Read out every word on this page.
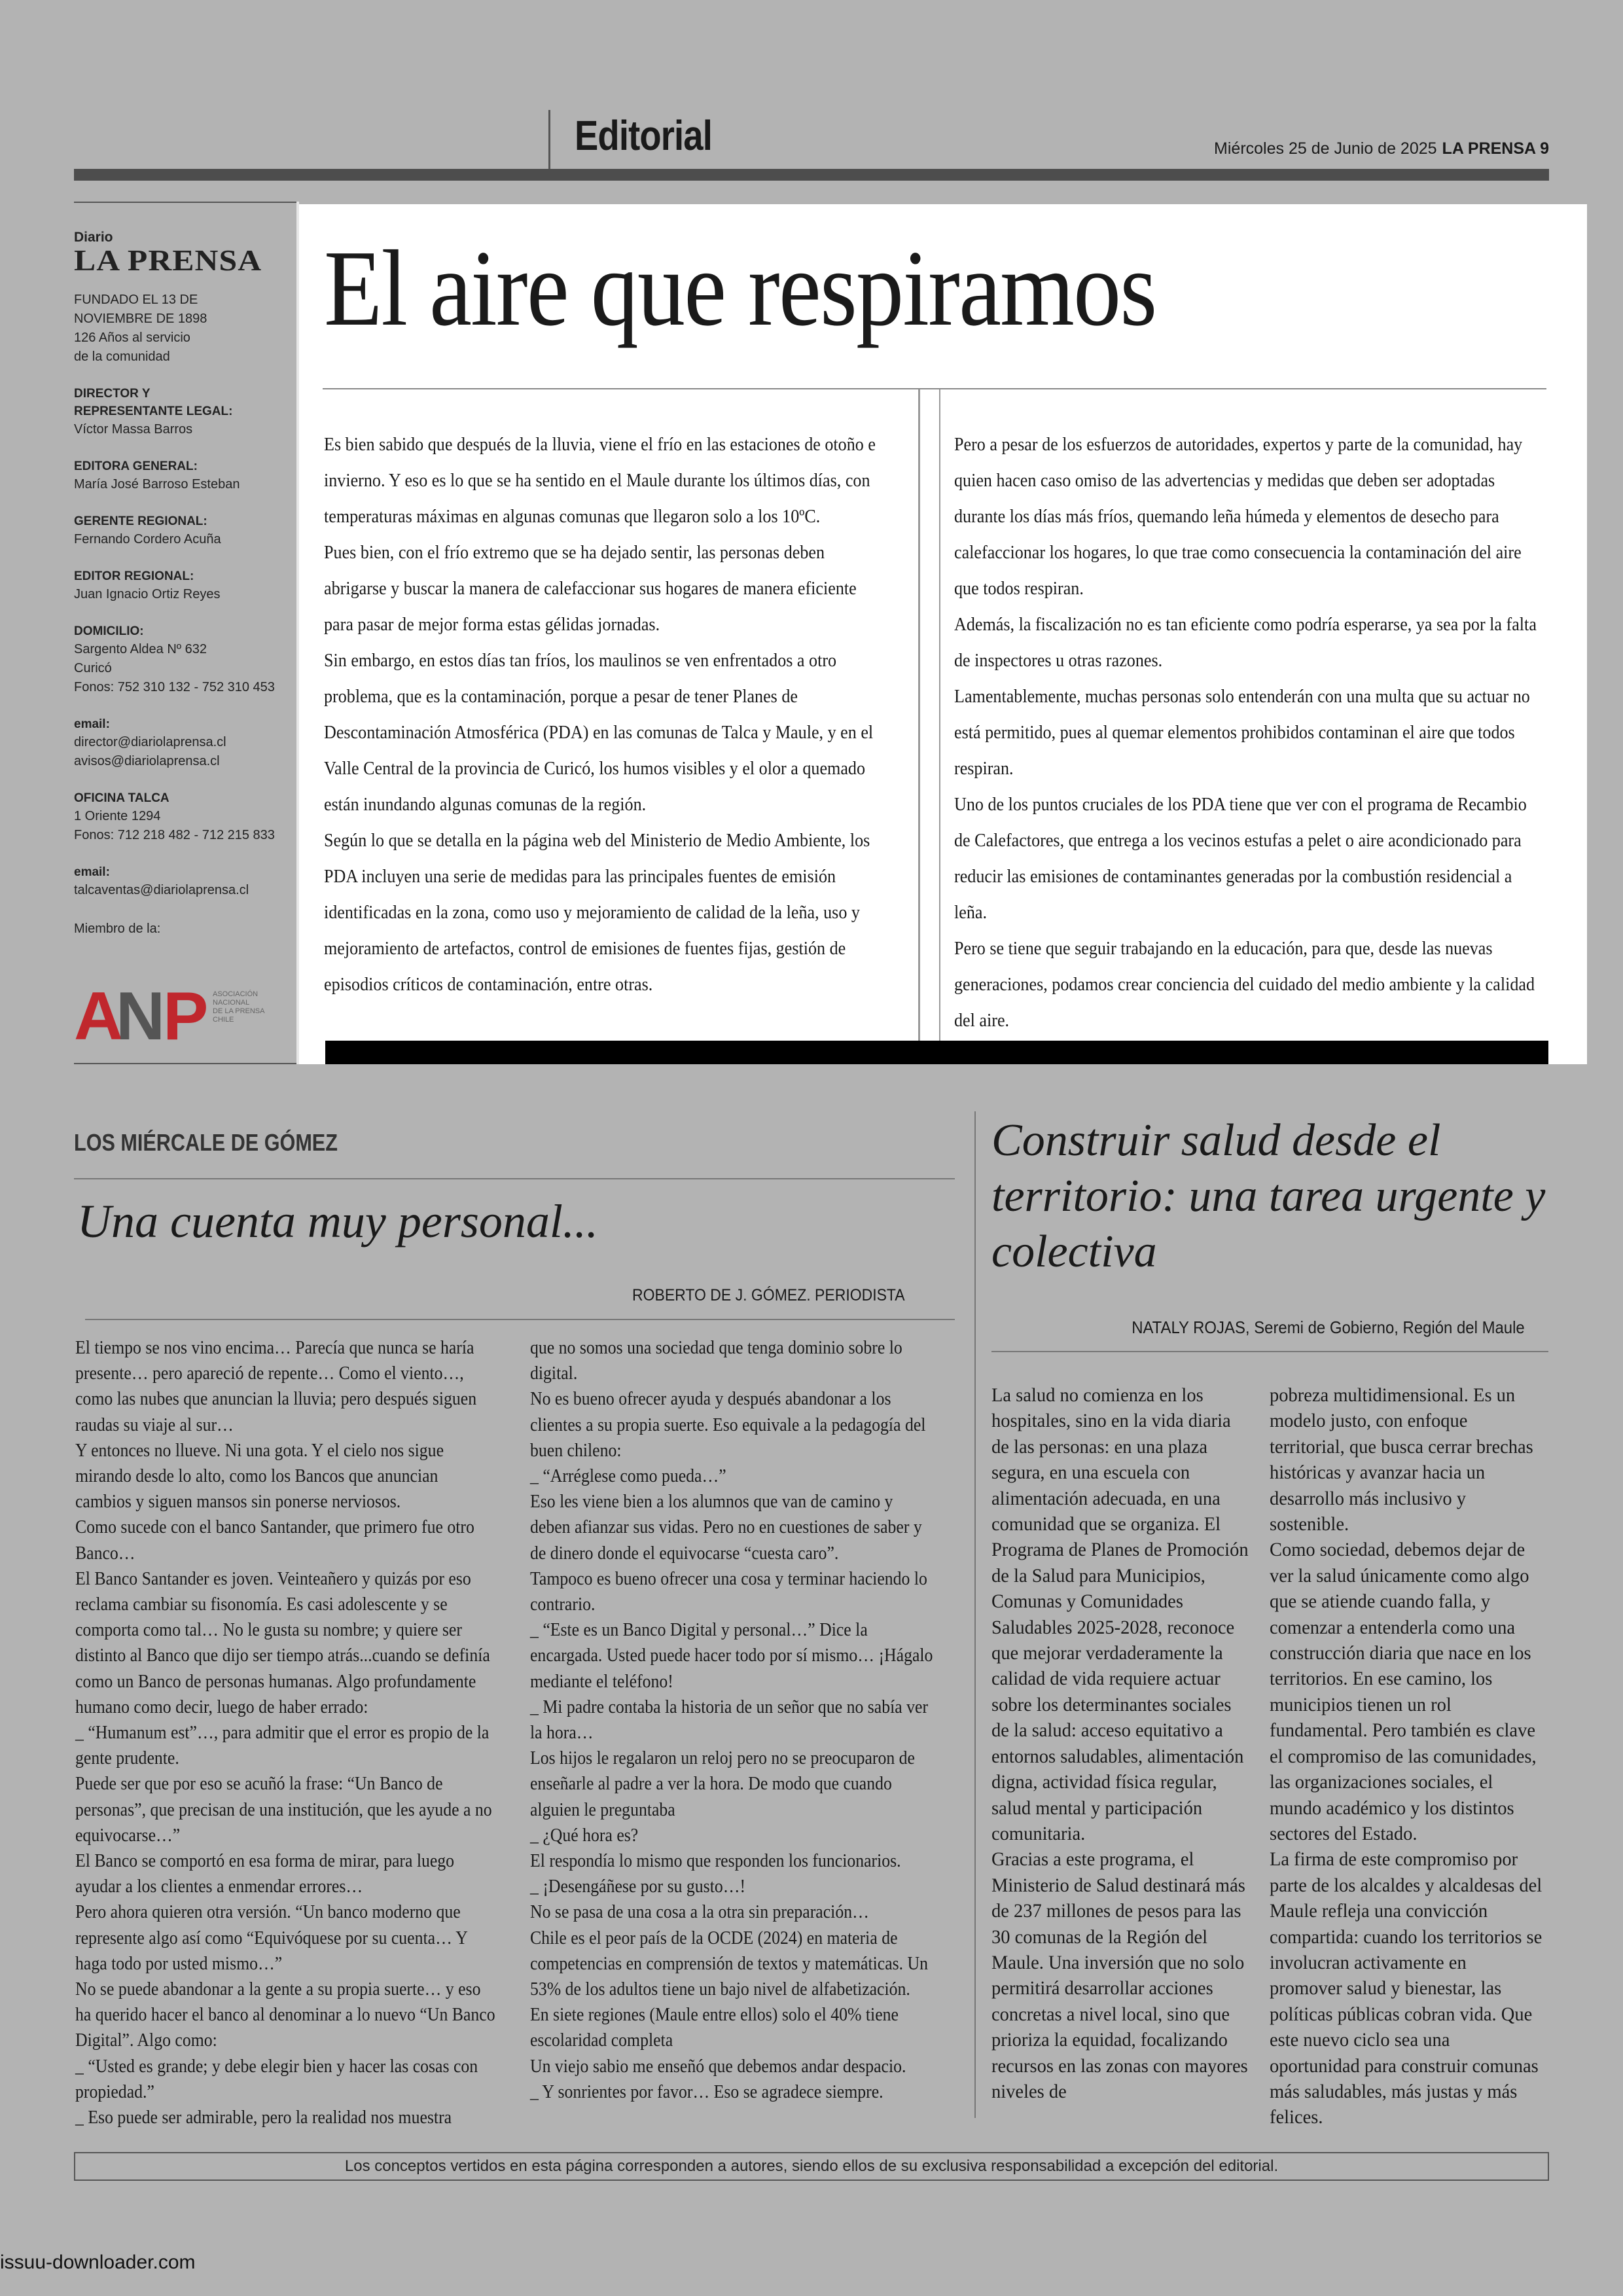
Editorial	Miércoles 25 de Junio de 2025 LA PRENSA 9
Diario
LA PRENSA
FUNDADO EL 13 DE
NOVIEMBRE DE 1898
126 Años al servicio
de la comunidad
DIRECTOR Y
REPRESENTANTE LEGAL:
Víctor Massa Barros
EDITORA GENERAL:
María José Barroso Esteban
GERENTE REGIONAL:
Fernando Cordero Acuña
EDITOR REGIONAL:
Juan Ignacio Ortiz Reyes
DOMICILIO:
Sargento Aldea Nº 632
Curicó
Fonos: 752 310 132 - 752 310 453
email:
director@diariolaprensa.cl
avisos@diariolaprensa.cl
OFICINA TALCA
1 Oriente 1294
Fonos: 712 218 482 - 712 215 833
email:
talcaventas@diariolaprensa.cl
Miembro de la:
A
N
P ASOCIACIÓN
NACIONAL
DE LA PRENSA
CHILE
El aire que respiramos

Es bien sabido que después de la lluvia, viene el frío en las estaciones de otoño e invierno. Y eso es lo que se ha sentido en el Maule durante los últimos días, con temperaturas máximas en algunas comunas que llegaron solo a los 10ºC.

Pues bien, con el frío extremo que se ha dejado sentir, las personas deben abrigarse y buscar la manera de calefaccionar sus hogares de manera eficiente para pasar de mejor forma estas gélidas jornadas.

Sin embargo, en estos días tan fríos, los maulinos se ven enfrentados a otro problema, que es la contaminación, porque a pesar de tener Planes de Descontaminación Atmosférica (PDA) en las comunas de Talca y Maule, y en el Valle Central de la provincia de Curicó, los humos visibles y el olor a quemado están inundando algunas comunas de la región.

Según lo que se detalla en la página web del Ministerio de Medio Ambiente, los PDA incluyen una serie de medidas para las principales fuentes de emisión identificadas en la zona, como uso y mejoramiento de calidad de la leña, uso y mejoramiento de artefactos, control de emisiones de fuentes fijas, gestión de episodios críticos de contaminación, entre otras.

Pero a pesar de los esfuerzos de autoridades, expertos y parte de la comunidad, hay quien hacen caso omiso de las advertencias y medidas que deben ser adoptadas durante los días más fríos, quemando leña húmeda y elementos de desecho para calefaccionar los hogares, lo que trae como consecuencia la contaminación del aire que todos respiran.

Además, la fiscalización no es tan eficiente como podría esperarse, ya sea por la falta de inspectores u otras razones.

Lamentablemente, muchas personas solo entenderán con una multa que su actuar no está permitido, pues al quemar elementos prohibidos contaminan el aire que todos respiran.

Uno de los puntos cruciales de los PDA tiene que ver con el programa de Recambio de Calefactores, que entrega a los vecinos estufas a pelet o aire acondicionado para reducir las emisiones de contaminantes generadas por la combustión residencial a leña.

Pero se tiene que seguir trabajando en la educación, para que, desde las nuevas generaciones, podamos crear conciencia del cuidado del medio ambiente y la calidad del aire.

LOS MIÉRCALE DE GÓMEZ
Una cuenta muy personal...
ROBERTO DE J. GÓMEZ. PERIODISTA

El tiempo se nos vino encima… Parecía que nunca se haría presente… pero apareció de repente… Como el viento…, como las nubes que anuncian la lluvia; pero después siguen raudas su viaje al sur…

Y entonces no llueve. Ni una gota. Y el cielo nos sigue mirando desde lo alto, como los Bancos que anuncian cambios y siguen mansos sin ponerse nerviosos.

Como sucede con el banco Santander, que primero fue otro Banco…

El Banco Santander es joven. Veinteañero y quizás por eso reclama cambiar su fisonomía. Es casi adolescente y se comporta como tal… No le gusta su nombre; y quiere ser distinto al Banco que dijo ser tiempo atrás...cuando se definía como un Banco de personas humanas. Algo profundamente humano como decir, luego de haber errado:

_ “Humanum est”…, para admitir que el error es propio de la gente prudente.

Puede ser que por eso se acuñó la frase: “Un Banco de personas”, que precisan de una institución, que les ayude a no equivocarse…”

El Banco se comportó en esa forma de mirar, para luego ayudar a los clientes a enmendar errores…

Pero ahora quieren otra versión. “Un banco moderno que represente algo así como “Equivóquese por su cuenta… Y haga todo por usted mismo…”

No se puede abandonar a la gente a su propia suerte… y eso ha querido hacer el banco al denominar a lo nuevo “Un Banco Digital”. Algo como:

_ “Usted es grande; y debe elegir bien y hacer las cosas con propiedad.”

_ Eso puede ser admirable, pero la realidad nos muestra

que no somos una sociedad que tenga dominio sobre lo digital.

No es bueno ofrecer ayuda y después abandonar a los clientes a su propia suerte. Eso equivale a la pedagogía del buen chileno:

_ “Arréglese como pueda…”

Eso les viene bien a los alumnos que van de camino y deben afianzar sus vidas. Pero no en cuestiones de saber y de dinero donde el equivocarse “cuesta caro”.

Tampoco es bueno ofrecer una cosa y terminar haciendo lo contrario.

_ “Este es un Banco Digital y personal…” Dice la encargada. Usted puede hacer todo por sí mismo… ¡Hágalo mediante el teléfono!

_ Mi padre contaba la historia de un señor que no sabía ver la hora…

Los hijos le regalaron un reloj pero no se preocuparon de enseñarle al padre a ver la hora. De modo que cuando alguien le preguntaba

_ ¿Qué hora es?

El respondía lo mismo que responden los funcionarios.

_ ¡Desengáñese por su gusto…!

No se pasa de una cosa a la otra sin preparación…

Chile es el peor país de la OCDE (2024) en materia de competencias en comprensión de textos y matemáticas. Un 53% de los adultos tiene un bajo nivel de alfabetización.

En siete regiones (Maule entre ellos) solo el 40% tiene escolaridad completa

Un viejo sabio me enseñó que debemos andar despacio.

_ Y sonrientes por favor… Eso se agradece siempre.

Construir salud desde el territorio: una tarea urgente y colectiva
NATALY ROJAS, Seremi de Gobierno, Región del Maule

La salud no comienza en los hospitales, sino en la vida diaria de las personas: en una plaza segura, en una escuela con alimentación adecuada, en una comunidad que se organiza. El Programa de Planes de Promoción de la Salud para Municipios, Comunas y Comunidades Saludables 2025-2028, reconoce que mejorar verdaderamente la calidad de vida requiere actuar sobre los determinantes sociales de la salud: acceso equitativo a entornos saludables, alimentación digna, actividad física regular, salud mental y participación comunitaria.

Gracias a este programa, el Ministerio de Salud destinará más de 237 millones de pesos para las 30 comunas de la Región del Maule. Una inversión que no solo permitirá desarrollar acciones concretas a nivel local, sino que prioriza la equidad, focalizando recursos en las zonas con mayores niveles de

pobreza multidimensional. Es un modelo justo, con enfoque territorial, que busca cerrar brechas históricas y avanzar hacia un desarrollo más inclusivo y sostenible.

Como sociedad, debemos dejar de ver la salud únicamente como algo que se atiende cuando falla, y comenzar a entenderla como una construcción diaria que nace en los territorios. En ese camino, los municipios tienen un rol fundamental. Pero también es clave el compromiso de las comunidades, las organizaciones sociales, el mundo académico y los distintos sectores del Estado.

La firma de este compromiso por parte de los alcaldes y alcaldesas del Maule refleja una convicción compartida: cuando los territorios se involucran activamente en promover salud y bienestar, las políticas públicas cobran vida. Que este nuevo ciclo sea una oportunidad para construir comunas más saludables, más justas y más felices.

Los conceptos vertidos en esta página corresponden a autores, siendo ellos de su exclusiva responsabilidad a excepción del editorial.
issuu-downloader.com
